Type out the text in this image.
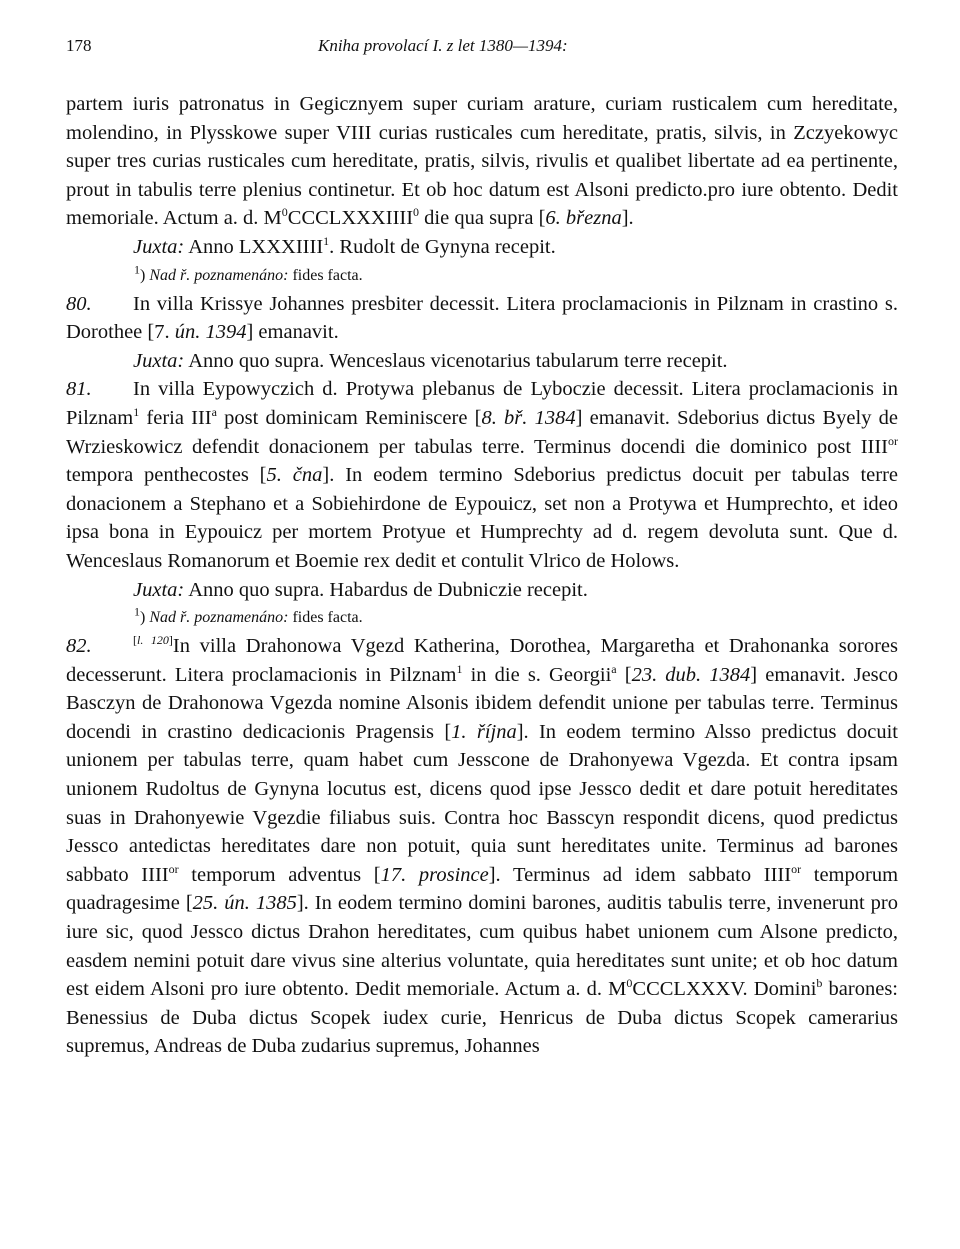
178	Kniha provolací I. z let 1380—1394:

partem iuris patronatus in Gegicznyem super curiam arature, curiam rusticalem cum hereditate, molendino, in Plysskowe super VIII curias rusticales cum hereditate, pratis, silvis, in Zczyekowyc super tres curias rusticales cum hereditate, pratis, silvis, rivulis et qualibet libertate ad ea pertinente, prout in tabulis terre plenius continetur. Et ob hoc datum est Alsoni predicto.pro iure obtento. Dedit memoriale. Actum a. d. $M^0CCCLXXXIIII^0$ die qua supra [6. března].

Juxta: Anno LXXXIIII$^1$. Rudolt de Gynyna recepit.

$^1$) Nad ř. poznamenáno: fides facta.

80. In villa Krissye Johannes presbiter decessit. Litera proclamacionis in Pilznam in crastino s. Dorothee [7. ún. 1394] emanavit.

Juxta: Anno quo supra. Wenceslaus vicenotarius tabularum terre recepit.

81. In villa Eypowyczich d. Protywa plebanus de Lyboczie decessit. Litera proclamacionis in Pilznam$^1$ feria III$^a$ post dominicam Reminiscere [8. bř. 1384] emanavit. Sdeborius dictus Byely de Wrzieskowicz defendit donacionem per tabulas terre. Terminus docendi die dominico post $IIII^{or}$ tempora penthecostes [5. čna]. In eodem termino Sdeborius predictus docuit per tabulas terre donacionem a Stephano et a Sobiehirdone de Eypouicz, set non a Protywa et Humprechto, et ideo ipsa bona in Eypouicz per mortem Protyue et Humprechty ad d. regem devoluta sunt. Que d. Wenceslaus Romanorum et Boemie rex dedit et contulit Vlrico de Holows.

Juxta: Anno quo supra. Habardus de Dubniczie recepit.

$^1$) Nad ř. poznamenáno: fides facta.

82.	[l. 120]In villa Drahonowa Vgezd Katherina, Dorothea, Margaretha et Drahonanka sorores decesserunt. Litera proclamacionis in Pilznam$^1$ in die s. Georgii$^a$ [23. dub. 1384] emanavit. Jesco Basczyn de Drahonowa Vgezda nomine Alsonis ibidem defendit unione per tabulas terre. Terminus docendi in crastino dedicacionis Pragensis [1. října]. In eodem termino Alsso predictus docuit unionem per tabulas terre, quam habet cum Jesscone de Drahonyewa Vgezda. Et contra ipsam unionem Rudoltus de Gynyna locutus est, dicens quod ipse Jessco dedit et dare potuit hereditates suas in Drahonyewie Vgezdie filiabus suis. Contra hoc Basscyn respondit dicens, quod predictus Jessco antedictas hereditates dare non potuit, quia sunt hereditates unite. Terminus ad barones sabbato $IIII^{or}$ temporum adventus [17. prosince]. Terminus ad idem sabbato $IIII^{or}$ temporum quadragesime [25. ún. 1385]. In eodem termino domini barones, auditis tabulis terre, invenerunt pro iure sic, quod Jessco dictus Drahon hereditates, cum quibus habet unionem cum Alsone predicto, easdem nemini potuit dare vivus sine alterius voluntate, quia hereditates sunt unite; et ob hoc datum est eidem Alsoni pro iure obtento. Dedit memoriale. Actum a. d. $M^0CCCLXXXV$. Domini$^b$ barones: Benessius de Duba dictus Scopek iudex curie, Henricus de Duba dictus Scopek camerarius supremus, Andreas de Duba zudarius supremus, Johannes
